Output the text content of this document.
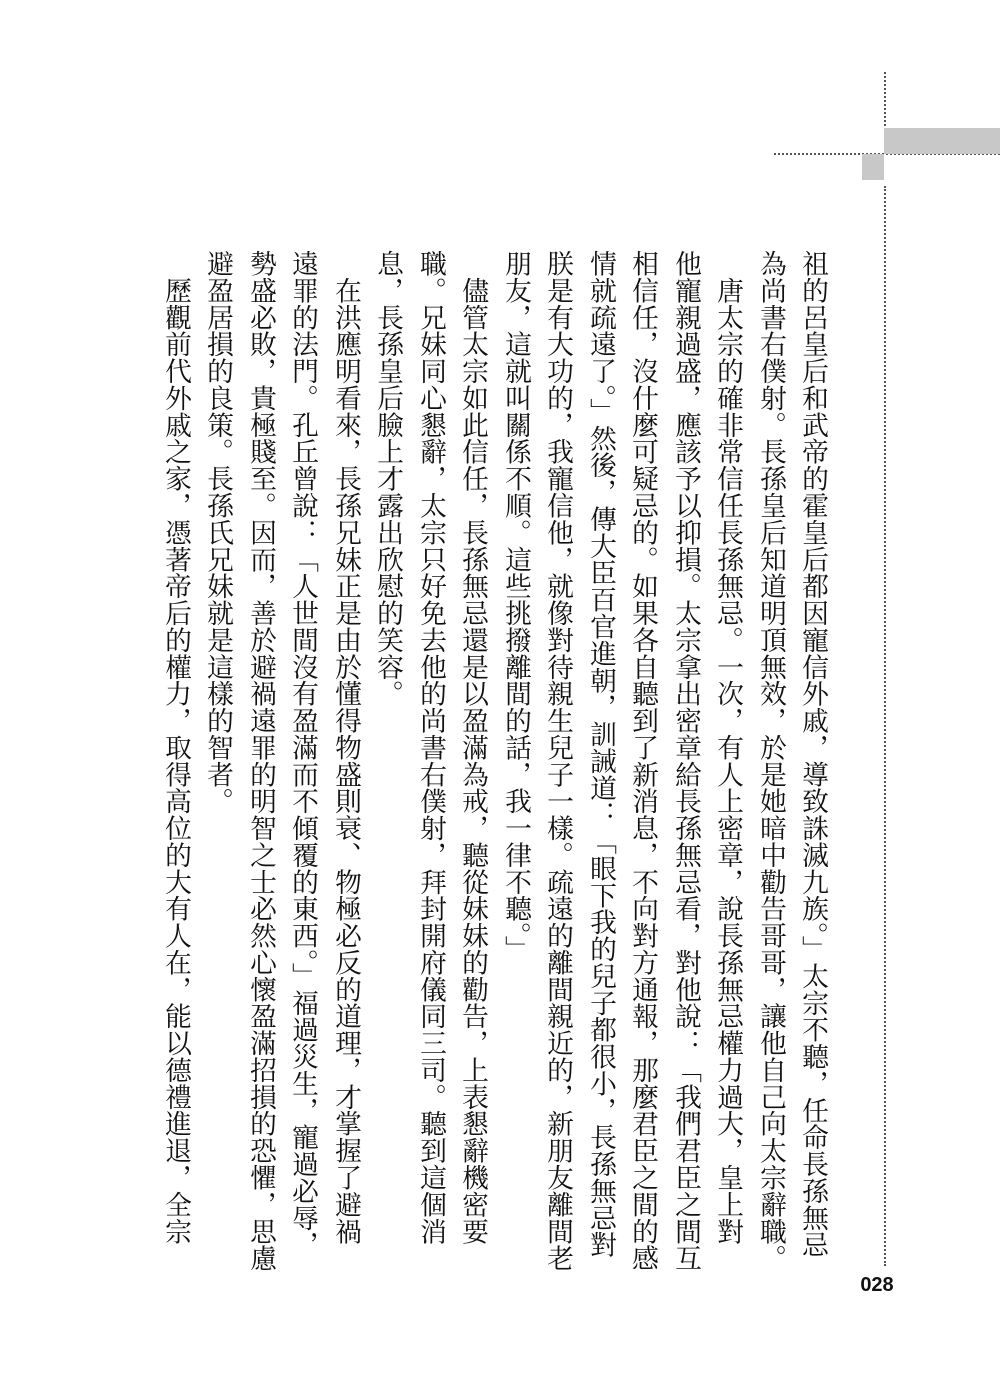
祖的呂皇后和武帝的霍皇后都因寵信外戚，導致誅滅九族。」太宗不聽，任命長孫無忌
為尚書右僕射。長孫皇后知道明頂無效，於是她暗中勸告哥哥，讓他自己向太宗辭職。
　唐太宗的確非常信任長孫無忌。一次，有人上密章，說長孫無忌權力過大，皇上對
他寵親過盛，應該予以抑損。太宗拿出密章給長孫無忌看，對他說：「我們君臣之間互
相信任，沒什麼可疑忌的。如果各自聽到了新消息，不向對方通報，那麼君臣之間的感
情就疏遠了。」然後，傳大臣百官進朝，訓誡道：「眼下我的兒子都很小，長孫無忌對
朕是有大功的，我寵信他，就像對待親生兒子一樣。疏遠的離間親近的，新朋友離間老
朋友，這就叫關係不順。這些挑撥離間的話，我一律不聽。」
　儘管太宗如此信任，長孫無忌還是以盈滿為戒，聽從妹妹的勸告，上表懇辭機密要
職。兄妹同心懇辭，太宗只好免去他的尚書右僕射，拜封開府儀同三司。聽到這個消
息，長孫皇后臉上才露出欣慰的笑容。
　在洪應明看來，長孫兄妹正是由於懂得物盛則衰、物極必反的道理，才掌握了避禍
遠罪的法門。孔丘曾說：「人世間沒有盈滿而不傾覆的東西。」福過災生，寵過必辱，
勢盛必敗，貴極賤至。因而，善於避禍遠罪的明智之士必然心懷盈滿招損的恐懼，思慮
避盈居損的良策。長孫氏兄妹就是這樣的智者。
　歷觀前代外戚之家，憑著帝后的權力，取得高位的大有人在，能以德禮進退，全宗
028
